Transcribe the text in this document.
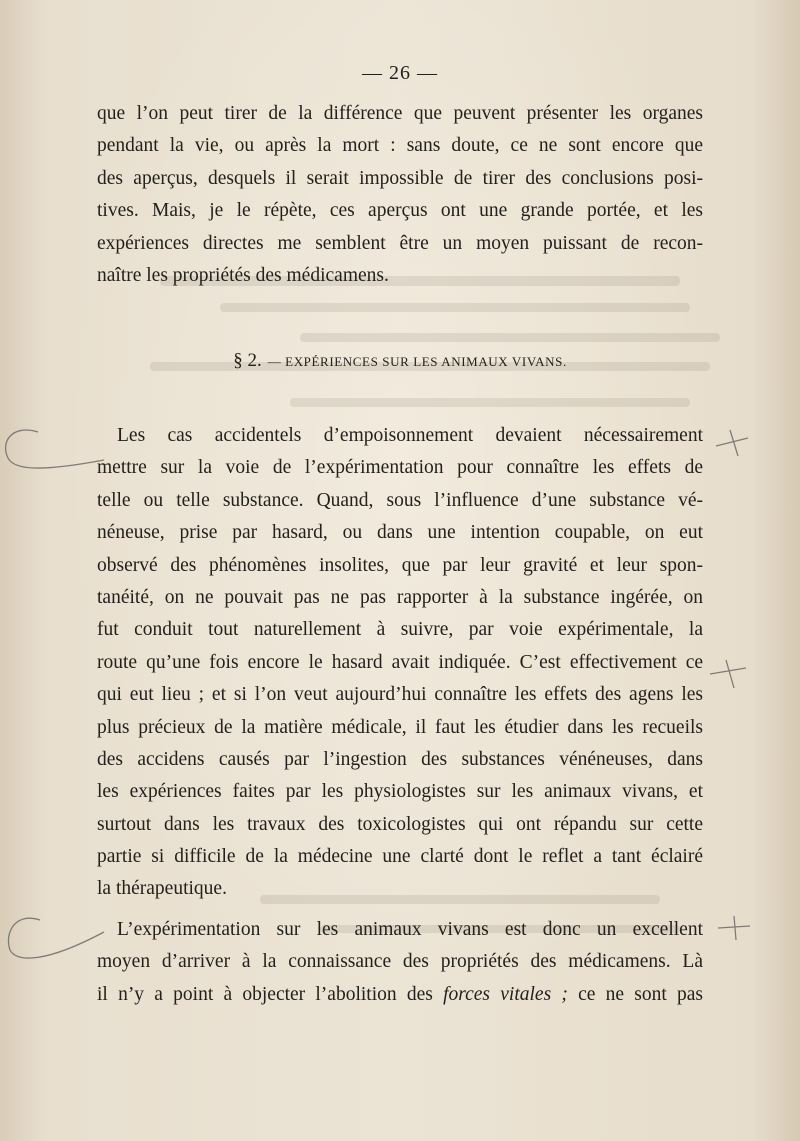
— 26 —
que l’on peut tirer de la différence que peuvent présenter les organes
pendant la vie, ou après la mort : sans doute, ce ne sont encore que
des aperçus, desquels il serait impossible de tirer des conclusions posi-
tives. Mais, je le répète, ces aperçus ont une grande portée, et les
expériences directes me semblent être un moyen puissant de recon-
naître les propriétés des médicamens.
§ 2. — EXPÉRIENCES SUR LES ANIMAUX VIVANS.
Les cas accidentels d’empoisonnement devaient nécessairement
mettre sur la voie de l’expérimentation pour connaître les effets de
telle ou telle substance. Quand, sous l’influence d’une substance vé-
néneuse, prise par hasard, ou dans une intention coupable, on eut
observé des phénomènes insolites, que par leur gravité et leur spon-
tanéité, on ne pouvait pas ne pas rapporter à la substance ingérée, on
fut conduit tout naturellement à suivre, par voie expérimentale, la
route qu’une fois encore le hasard avait indiquée. C’est effectivement ce
qui eut lieu ; et si l’on veut aujourd’hui connaître les effets des agens les
plus précieux de la matière médicale, il faut les étudier dans les recueils
des accidens causés par l’ingestion des substances vénéneuses, dans
les expériences faites par les physiologistes sur les animaux vivans, et
surtout dans les travaux des toxicologistes qui ont répandu sur cette
partie si difficile de la médecine une clarté dont le reflet a tant éclairé
la thérapeutique.
L’expérimentation sur les animaux vivans est donc un excellent
moyen d’arriver à la connaissance des propriétés des médicamens. Là
il n’y a point à objecter l’abolition des forces vitales ; ce ne sont pas
